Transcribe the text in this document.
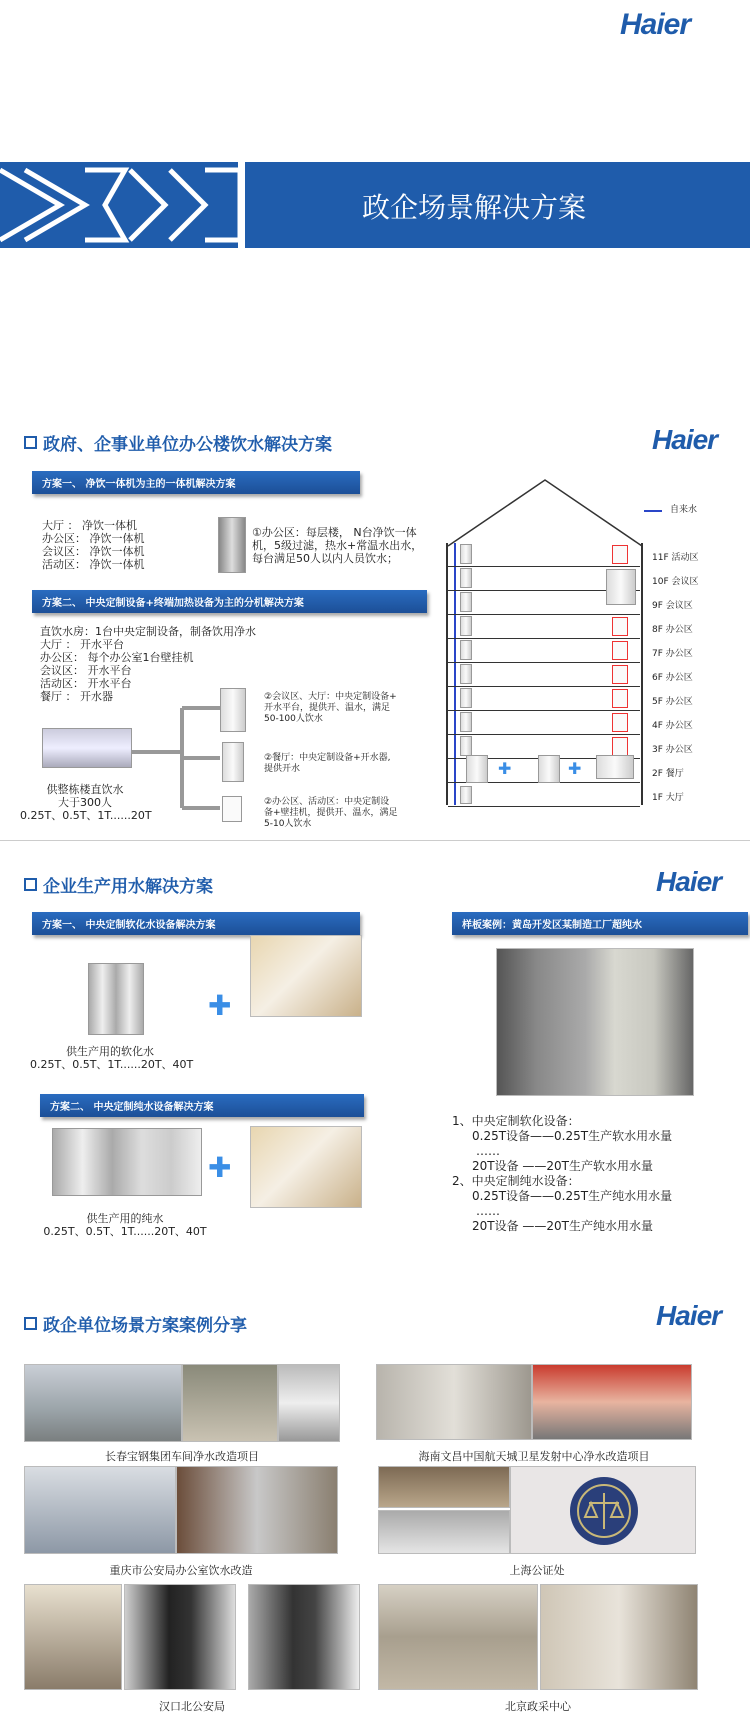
Haier
政企场景解决方案
政府、企事业单位办公楼饮水解决方案	Haier
方案一、 净饮一体机为主的一体机解决方案
大厅 ： 净饮一体机
办公区： 净饮一体机
会议区： 净饮一体机
活动区： 净饮一体机
①办公区：每层楼， N台净饮一体
机，5级过滤，热水+常温水出水，
每台满足50人以内人员饮水；
方案二、 中央定制设备+终端加热设备为主的分机解决方案
直饮水房：1台中央定制设备，制备饮用净水
大厅 ： 开水平台
办公区： 每个办公室1台壁挂机
会议区： 开水平台
活动区： 开水平台
餐厅 ： 开水器
供整栋楼直饮水
大于300人
0.25T、0.5T、1T......20T
②会议区、大厅：中央定制设备+
开水平台，提供开、温水，满足
50-100人饮水
②餐厅：中央定制设备+开水器,
提供开水
②办公区、活动区：中央定制设
备+壁挂机，提供开、温水，满足
5-10人饮水
自来水
11F 活动区
10F 会议区
9F 会议区
8F 办公区
7F 办公区
6F 办公区
5F 办公区
4F 办公区
3F 办公区
2F 餐厅
1F 大厅
✚	✚
企业生产用水解决方案	Haier
方案一、 中央定制软化水设备解决方案
✚
供生产用的软化水
0.25T、0.5T、1T......20T、40T
方案二、 中央定制纯水设备解决方案
✚
供生产用的纯水
0.25T、0.5T、1T......20T、40T
样板案例：黄岛开发区某制造工厂超纯水
1、中央定制软化设备：
0.25T设备——0.25T生产软水用水量
……
20T设备 ——20T生产软水用水量
2、中央定制纯水设备：
0.25T设备——0.25T生产纯水用水量
……
20T设备 ——20T生产纯水用水量
政企单位场景方案案例分享	Haier
长春宝钢集团车间净水改造项目	海南文昌中国航天城卫星发射中心净水改造项目
重庆市公安局办公室饮水改造	上海公证处
汉口北公安局	北京政采中心
